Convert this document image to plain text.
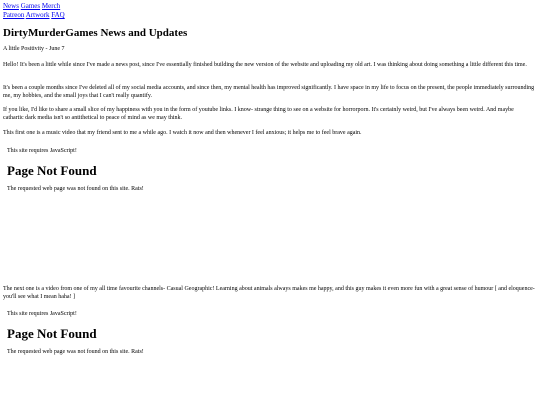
News Games Merch
Patreon Artwork FAQ
DirtyMurderGames News and Updates
A little Positivity - June 7

Hello! It's been a little while since I've made a news post, since I've essentially finished building the new version of the website and uploading my old art. I was thinking about doing something a little different this time.

It's been a couple months since I've deleted all of my social media accounts, and since then, my mental health has improved significantly. I have space in my life to focus on the present, the people immediately surrounding me, my hobbies, and the small joys that I can't really quantify.

If you like, I'd like to share a small slice of my happiness with you in the form of youtube links. I know- strange thing to see on a website for horrorporn. It's certainly weird, but I've always been weird. And maybe cathartic dark media isn't so antithetical to peace of mind as we may think.

This first one is a music video that my friend sent to me a while ago. I watch it now and then whenever I feel anxious; it helps me to feel brave again.

This site requires JavaScript!
Page Not Found
The requested web page was not found on this site. Rats!

The next one is a video from one of my all time favourite channels- Casual Geographic! Learning about animals always makes me happy, and this guy makes it even more fun with a great sense of humour [ and eloquence- you'll see what I mean haha! ]

This site requires JavaScript!
Page Not Found
The requested web page was not found on this site. Rats!
